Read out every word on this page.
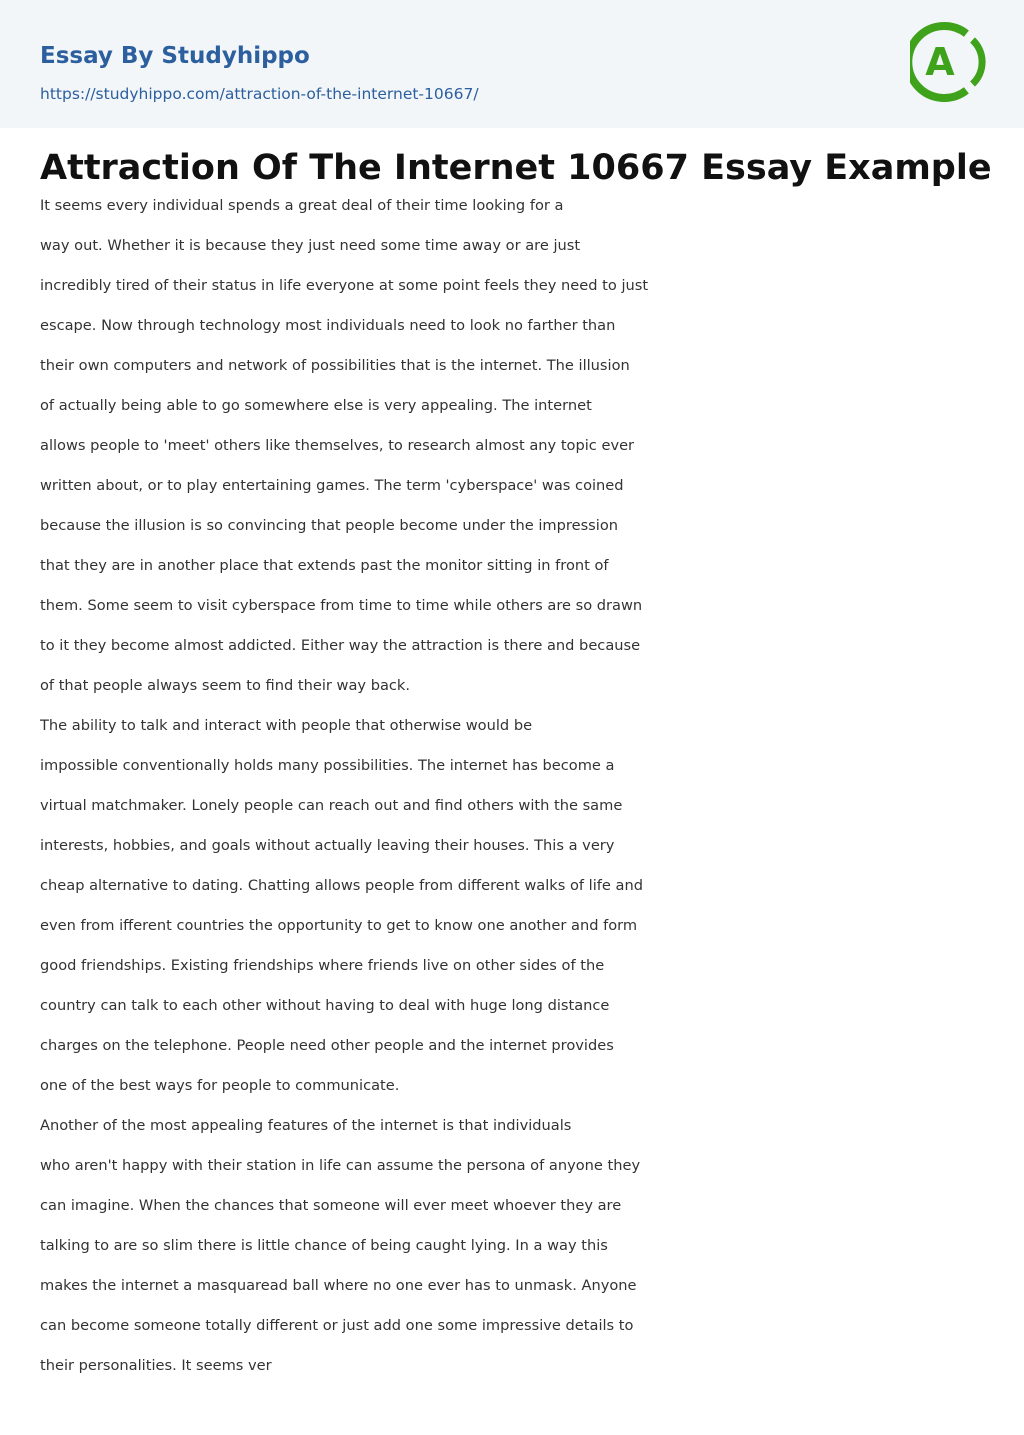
Essay By Studyhippo
https://studyhippo.com/attraction-of-the-internet-10667/
A
Attraction Of The Internet 10667 Essay Example

It seems every individual spends a great deal of their time looking for a

way out. Whether it is because they just need some time away or are just

incredibly tired of their status in life everyone at some point feels they need to just

escape. Now through technology most individuals need to look no farther than

their own computers and network of possibilities that is the internet. The illusion

of actually being able to go somewhere else is very appealing. The internet

allows people to 'meet' others like themselves, to research almost any topic ever

written about, or to play entertaining games. The term 'cyberspace' was coined

because the illusion is so convincing that people become under the impression

that they are in another place that extends past the monitor sitting in front of

them. Some seem to visit cyberspace from time to time while others are so drawn

to it they become almost addicted. Either way the attraction is there and because

of that people always seem to find their way back.

The ability to talk and interact with people that otherwise would be

impossible conventionally holds many possibilities. The internet has become a

virtual matchmaker. Lonely people can reach out and find others with the same

interests, hobbies, and goals without actually leaving their houses. This a very

cheap alternative to dating. Chatting allows people from different walks of life and

even from ifferent countries the opportunity to get to know one another and form

good friendships. Existing friendships where friends live on other sides of the

country can talk to each other without having to deal with huge long distance

charges on the telephone. People need other people and the internet provides

one of the best ways for people to communicate.

Another of the most appealing features of the internet is that individuals

who aren't happy with their station in life can assume the persona of anyone they

can imagine. When the chances that someone will ever meet whoever they are

talking to are so slim there is little chance of being caught lying. In a way this

makes the internet a masquaread ball where no one ever has to unmask. Anyone

can become someone totally different or just add one some impressive details to

their personalities. It seems ver
